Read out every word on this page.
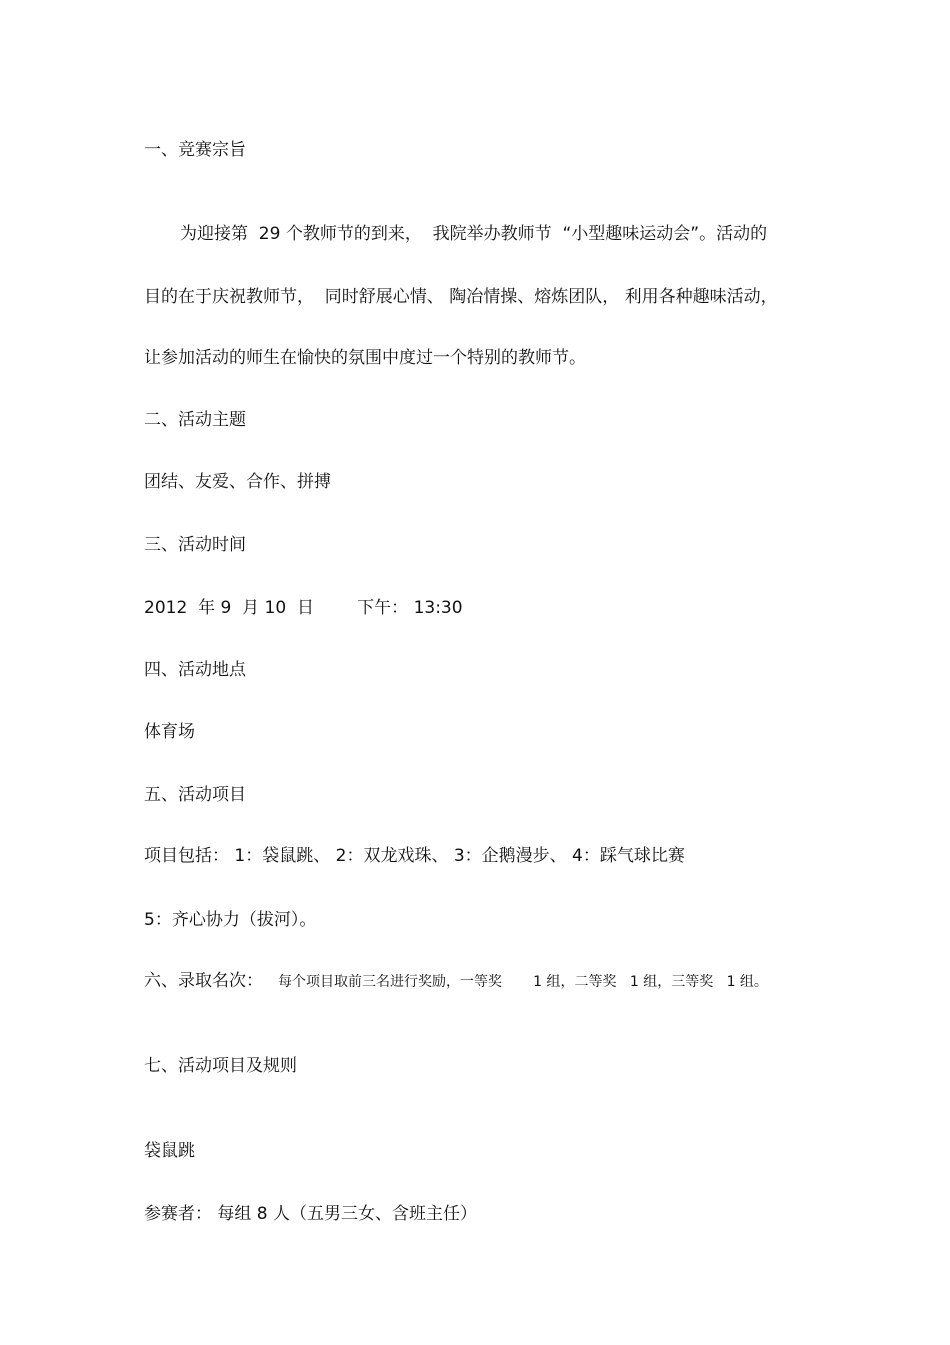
一、竞赛宗旨
为迎接第  29 个教师节的到来，  我院举办教师节  “小型趣味运动会”。活动的
目的在于庆祝教师节，  同时舒展心情、 陶冶情操、熔炼团队， 利用各种趣味活动，
让参加活动的师生在愉快的氛围中度过一个特别的教师节。
二、活动主题
团结、友爱、合作、拼搏
三、活动时间
2012  年 9  月 10  日        下午： 13:30
四、活动地点
体育场
五、活动项目
项目包括： 1：袋鼠跳、 2：双龙戏珠、 3：企鹅漫步、 4：踩气球比赛
5：齐心协力（拔河）。
六、录取名次： 每个项目取前三名进行奖励，一等奖       1 组，二等奖   1 组，三等奖   1 组。
七、活动项目及规则
袋鼠跳
参赛者： 每组 8 人（五男三女、含班主任）
